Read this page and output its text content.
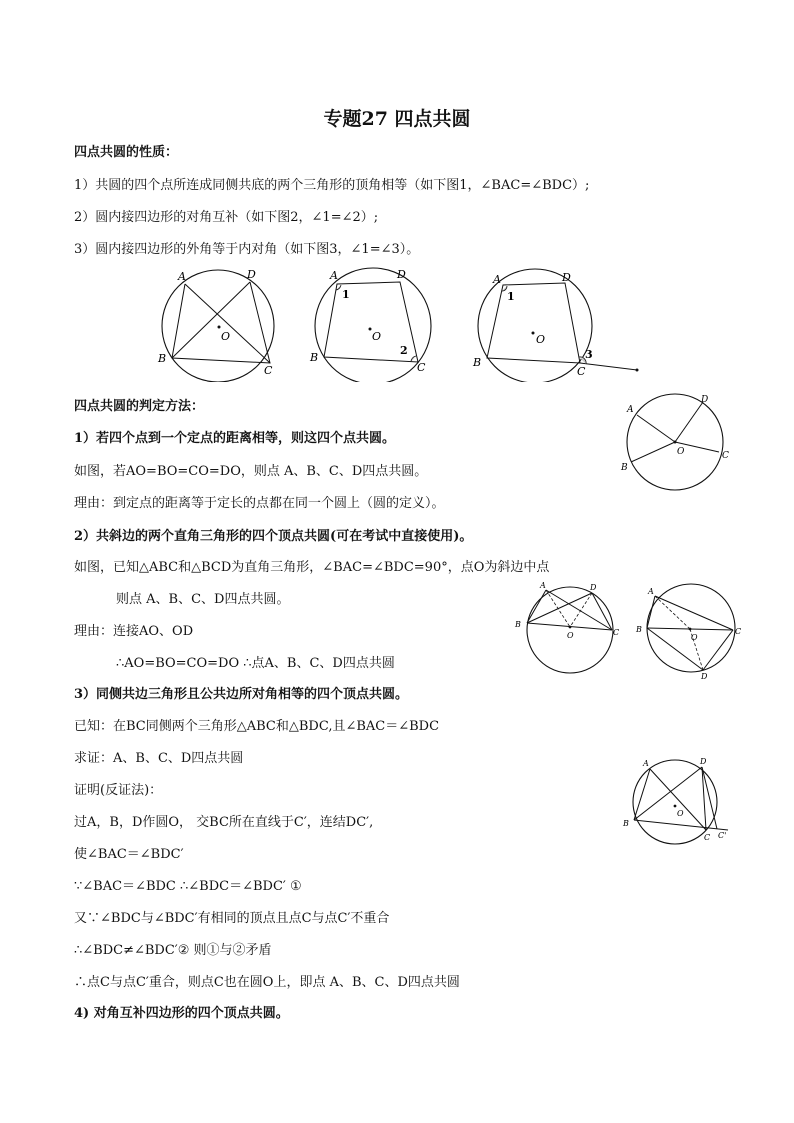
专题27 四点共圆
四点共圆的性质：
1）共圆的四个点所连成同侧共底的两个三角形的顶角相等（如下图1，∠BAC=∠BDC）;
2）圆内接四边形的对角互补（如下图2，∠1=∠2）;
3）圆内接四边形的外角等于内对角（如下图3，∠1=∠3）。
A	D
B
C
O
A	D
B
C
O
1
2
A	D
B
C
O
1
3
四点共圆的判定方法：
1）若四个点到一个定点的距离相等，则这四个点共圆。
如图，若AO=BO=CO=DO，则点 A、B、C、D四点共圆。
理由：到定点的距离等于定长的点都在同一个圆上（圆的定义）。
A
D
B
C
O
2）共斜边的两个直角三角形的四个顶点共圆(可在考试中直接使用)。
如图，已知△ABC和△BCD为直角三角形，∠BAC=∠BDC=90°，点O为斜边中点
则点 A、B、C、D四点共圆。
理由：连接AO、OD
∴AO=BO=CO=DO ∴点A、B、C、D四点共圆
A	D
B
C
O
A
B	C
D
O
3）同侧共边三角形且公共边所对角相等的四个顶点共圆。
已知：在BC同侧两个三角形△ABC和△BDC,且∠BAC＝∠BDC
求证：A、B、C、D四点共圆
证明(反证法)：
过A，B，D作圆O， 交BC所在直线于C′，连结DC′,
使∠BAC＝∠BDC′
∵∠BAC＝∠BDC ∴∠BDC＝∠BDC′ ①
又∵∠BDC与∠BDC′有相同的顶点且点C与点C′不重合
∴∠BDC≠∠BDC′② 则①与②矛盾
∴点C与点C′重合，则点C也在圆O上，即点 A、B、C、D四点共圆
A	D
B
C C'
O
4) 对角互补四边形的四个顶点共圆。
